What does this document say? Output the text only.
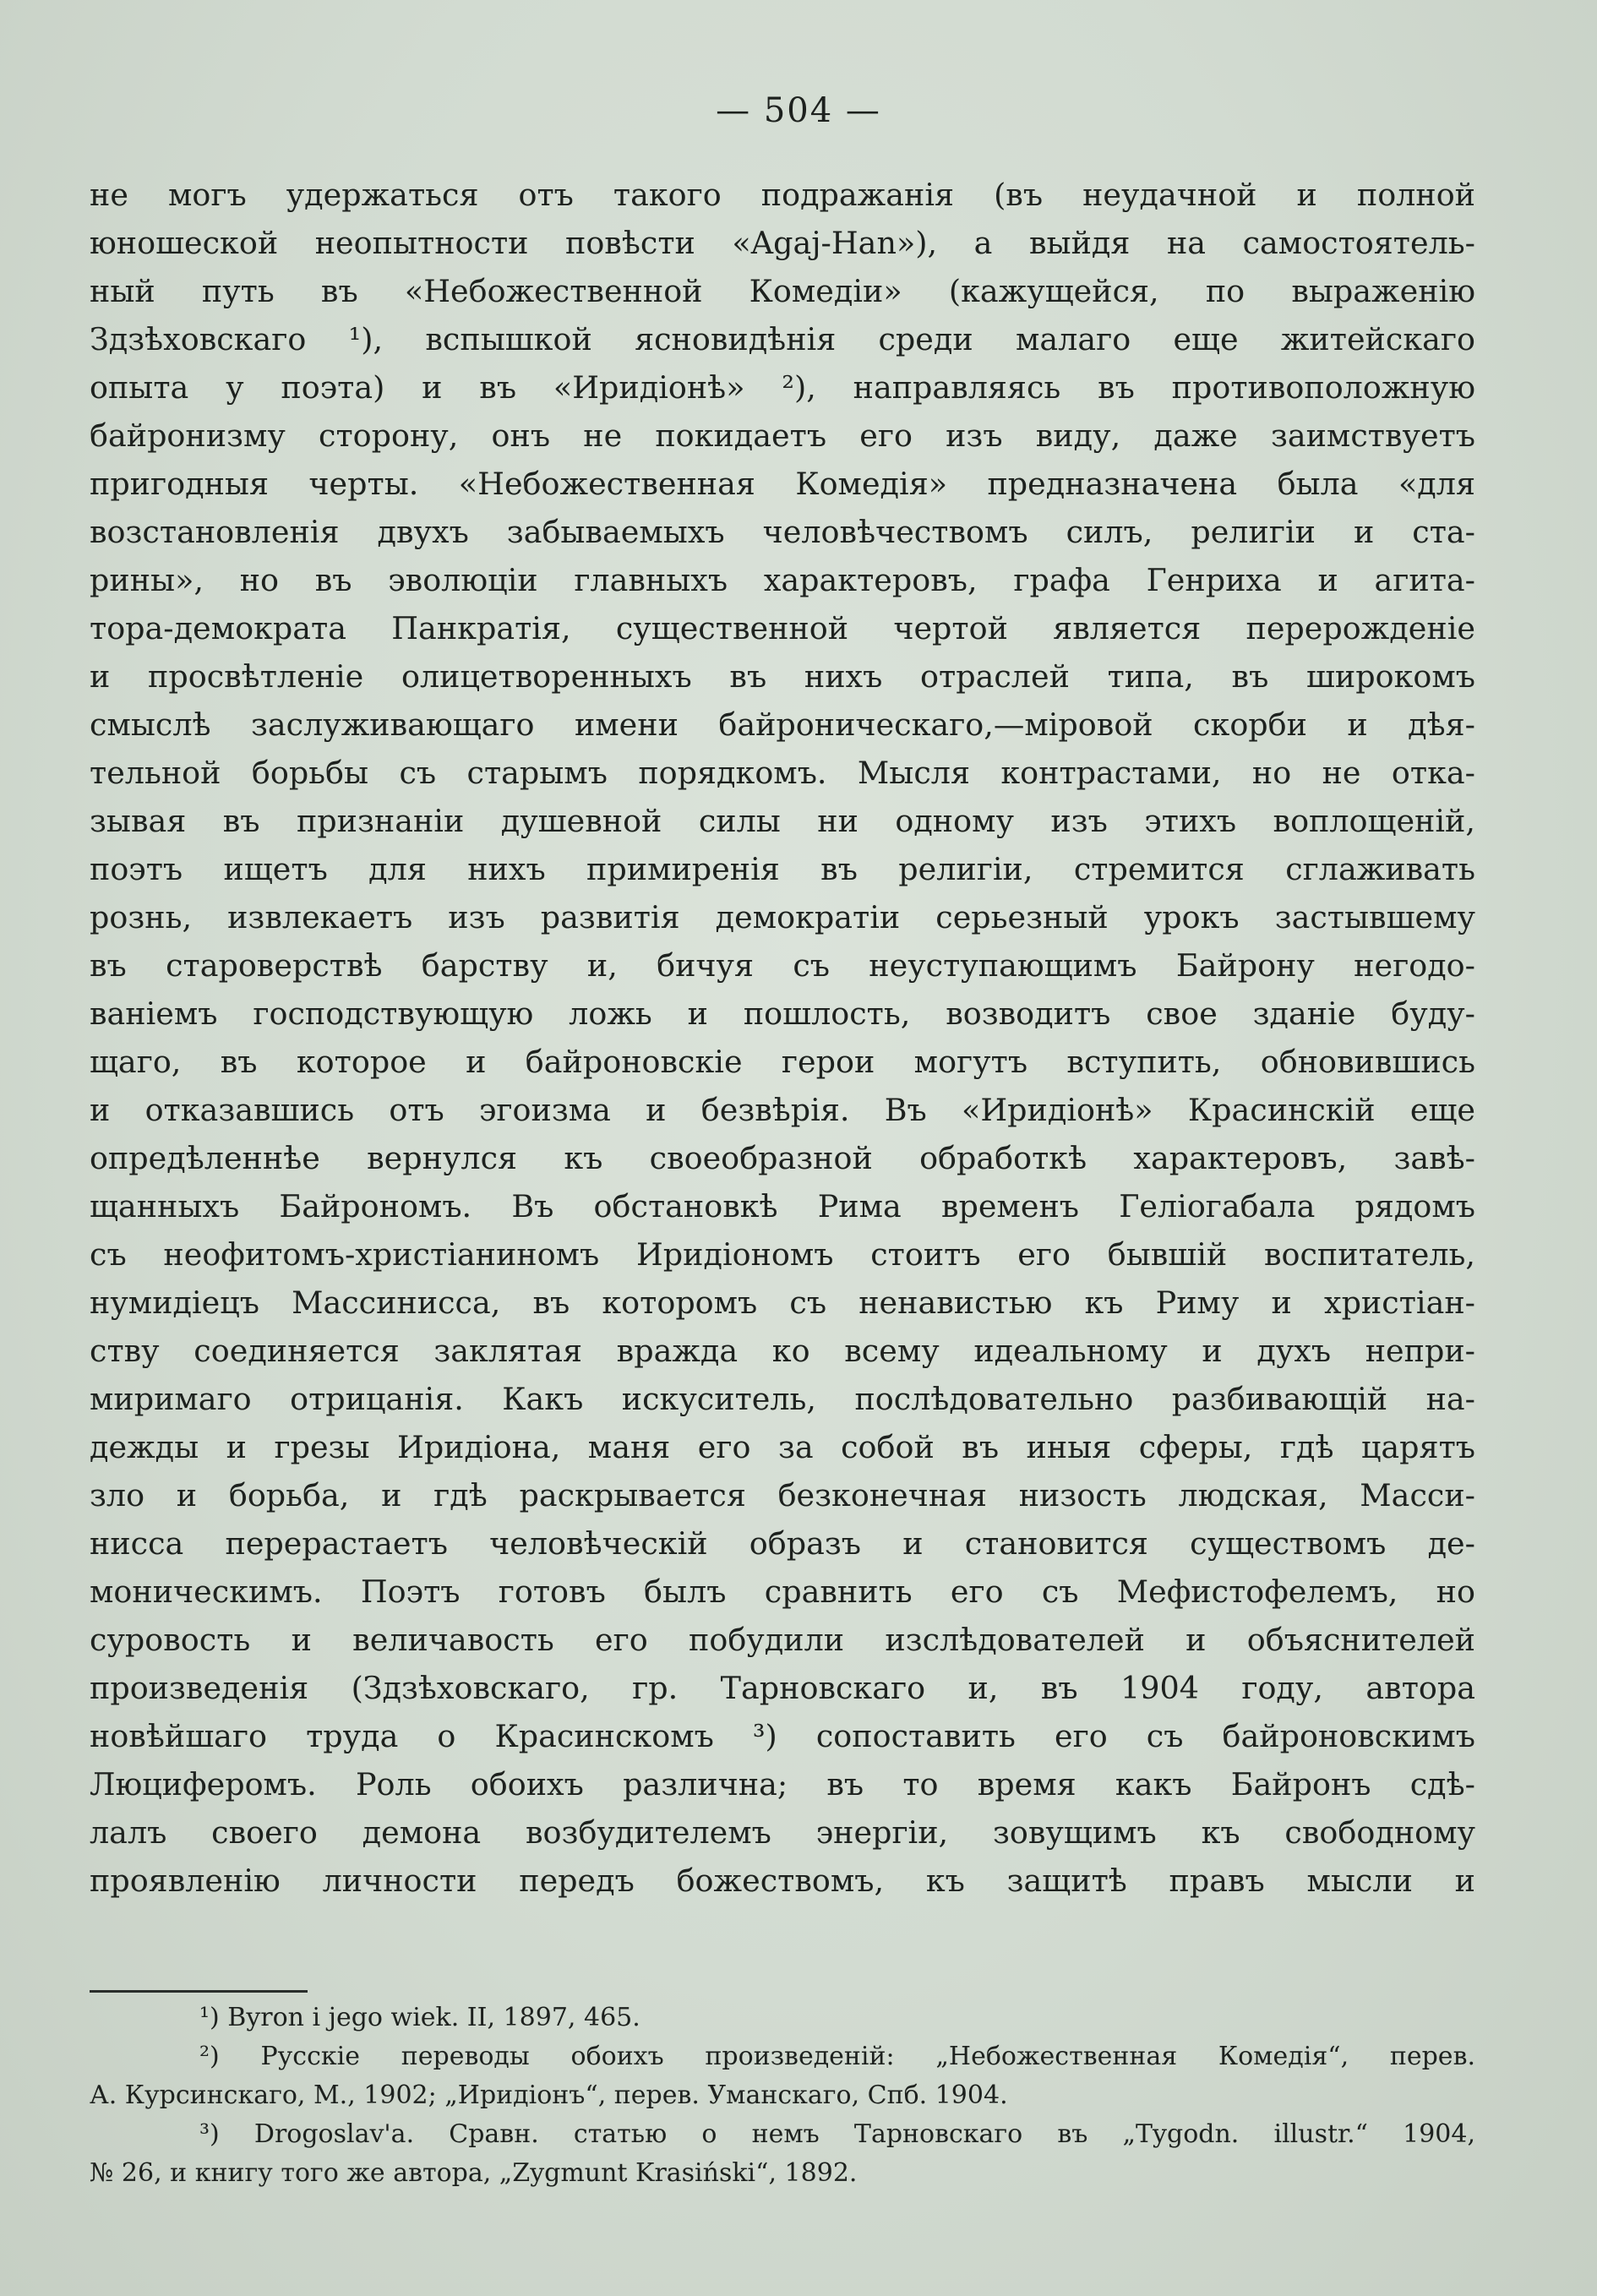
— 504 —
не могъ удержаться отъ такого подражанія (въ неудачной и полной
юношеской неопытности повѣсти «Agaj-Han»), а выйдя на самостоятель-
ный путь въ «Небожественной Комедіи» (кажущейся, по выраженію
Здзѣховскаго ¹), вспышкой ясновидѣнія среди малаго еще житейскаго
опыта у поэта) и въ «Иридіонѣ» ²), направляясь въ противоположную
байронизму сторону, онъ не покидаетъ его изъ виду, даже заимствуетъ
пригодныя черты. «Небожественная Комедія» предназначена была «для
возстановленія двухъ забываемыхъ человѣчествомъ силъ, религіи и ста-
рины», но въ эволюціи главныхъ характеровъ, графа Генриха и агита-
тора-демократа Панкратія, существенной чертой является перерожденіе
и просвѣтленіе олицетворенныхъ въ нихъ отраслей типа, въ широкомъ
смыслѣ заслуживающаго имени байроническаго,—міровой скорби и дѣя-
тельной борьбы съ старымъ порядкомъ. Мысля контрастами, но не отка-
зывая въ признаніи душевной силы ни одному изъ этихъ воплощеній,
поэтъ ищетъ для нихъ примиренія въ религіи, стремится сглаживать
рознь, извлекаетъ изъ развитія демократіи серьезный урокъ застывшему
въ староверствѣ барству и, бичуя съ неуступающимъ Байрону негодо-
ваніемъ господствующую ложь и пошлость, возводитъ свое зданіе буду-
щаго, въ которое и байроновскіе герои могутъ вступить, обновившись
и отказавшись отъ эгоизма и безвѣрія. Въ «Иридіонѣ» Красинскій еще
опредѣленнѣе вернулся къ своеобразной обработкѣ характеровъ, завѣ-
щанныхъ Байрономъ. Въ обстановкѣ Рима временъ Геліогабала рядомъ
съ неофитомъ-христіаниномъ Иридіономъ стоитъ его бывшій воспитатель,
нумидіецъ Массинисса, въ которомъ съ ненавистью къ Риму и христіан-
ству соединяется заклятая вражда ко всему идеальному и духъ непри-
миримаго отрицанія. Какъ искуситель, послѣдовательно разбивающій на-
дежды и грезы Иридіона, маня его за собой въ иныя сферы, гдѣ царятъ
зло и борьба, и гдѣ раскрывается безконечная низость людская, Масси-
нисса перерастаетъ человѣческій образъ и становится существомъ де-
моническимъ. Поэтъ готовъ былъ сравнить его съ Мефистофелемъ, но
суровость и величавость его побудили изслѣдователей и объяснителей
произведенія (Здзѣховскаго, гр. Тарновскаго и, въ 1904 году, автора
новѣйшаго труда о Красинскомъ ³) сопоставить его съ байроновскимъ
Люциферомъ. Роль обоихъ различна; въ то время какъ Байронъ сдѣ-
лалъ своего демона возбудителемъ энергіи, зовущимъ къ свободному
проявленію личности передъ божествомъ, къ защитѣ правъ мысли и
¹) Byron i jego wiek. II, 1897, 465.
²) Русскіе переводы обоихъ произведеній: „Небожественная Комедія“, перев.
А. Курсинскаго, М., 1902; „Иридіонъ“, перев. Уманскаго, Спб. 1904.
³) Drogoslav'a. Сравн. статью о немъ Тарновскаго въ „Tygodn. illustr.“ 1904,
№ 26, и книгу того же автора, „Zygmunt Krasiński“, 1892.
